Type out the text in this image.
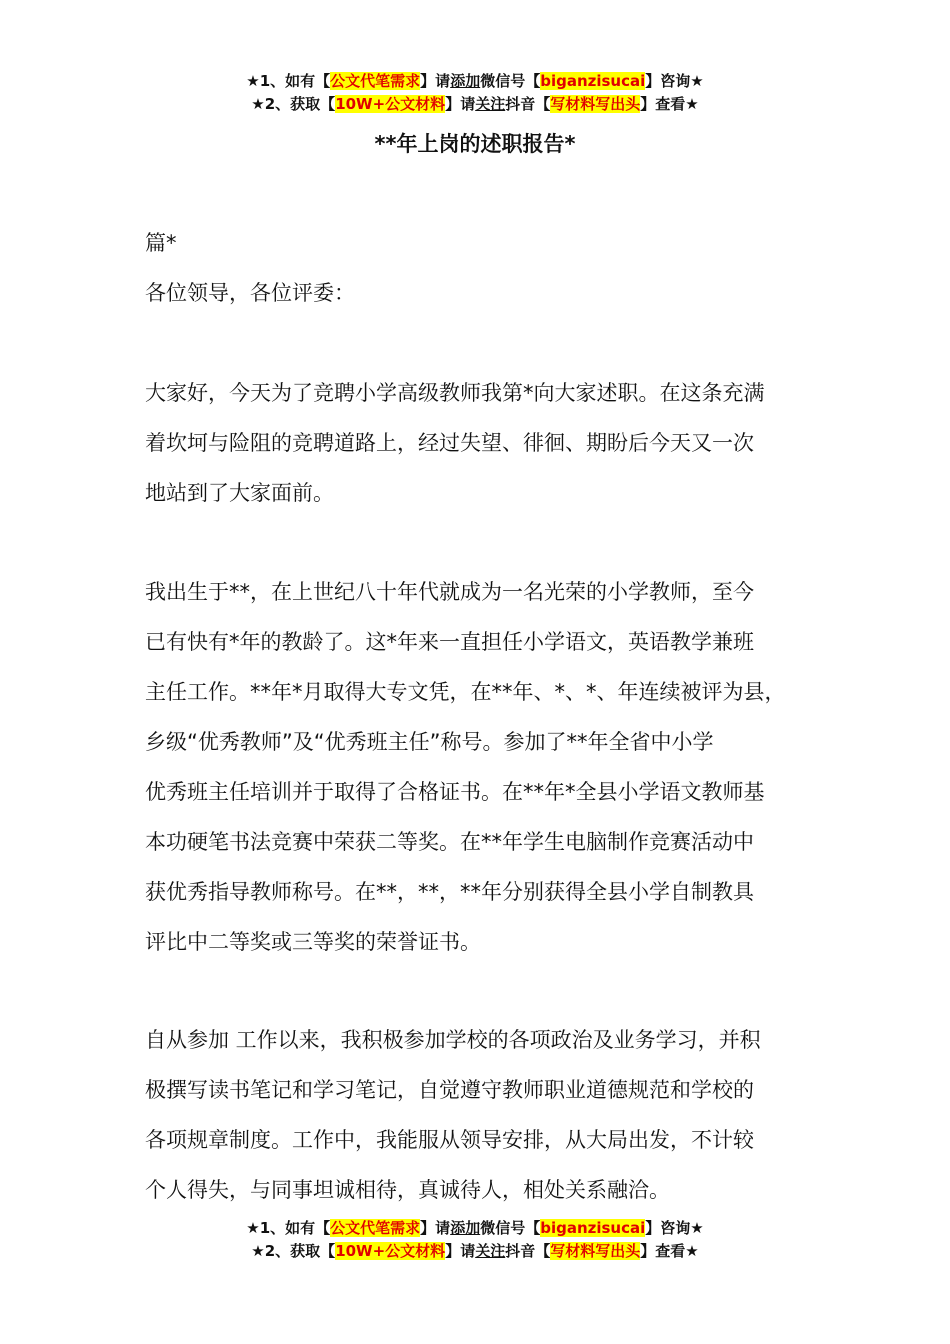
★1、如有【公文代笔需求】请添加微信号【biganzisucai】咨询★
★2、获取【10W+公文材料】请关注抖音【写材料写出头】查看★
**年上岗的述职报告*
篇*
各位领导，各位评委：
大家好，今天为了竞聘小学高级教师我第*向大家述职。在这条充满
着坎坷与险阻的竞聘道路上，经过失望、徘徊、期盼后今天又一次
地站到了大家面前。
我出生于**，在上世纪八十年代就成为一名光荣的小学教师，至今
已有快有*年的教龄了。这*年来一直担任小学语文，英语教学兼班
主任工作。**年*月取得大专文凭，在**年、*、*、年连续被评为县，
乡级“优秀教师”及“优秀班主任”称号。参加了**年全省中小学
优秀班主任培训并于取得了合格证书。在**年*全县小学语文教师基
本功硬笔书法竞赛中荣获二等奖。在**年学生电脑制作竞赛活动中
获优秀指导教师称号。在**，**，**年分别获得全县小学自制教具
评比中二等奖或三等奖的荣誉证书。
自从参加 工作以来，我积极参加学校的各项政治及业务学习，并积
极撰写读书笔记和学习笔记，自觉遵守教师职业道德规范和学校的
各项规章制度。工作中，我能服从领导安排，从大局出发，不计较
个人得失，与同事坦诚相待，真诚待人，相处关系融洽。
★1、如有【公文代笔需求】请添加微信号【biganzisucai】咨询★
★2、获取【10W+公文材料】请关注抖音【写材料写出头】查看★
